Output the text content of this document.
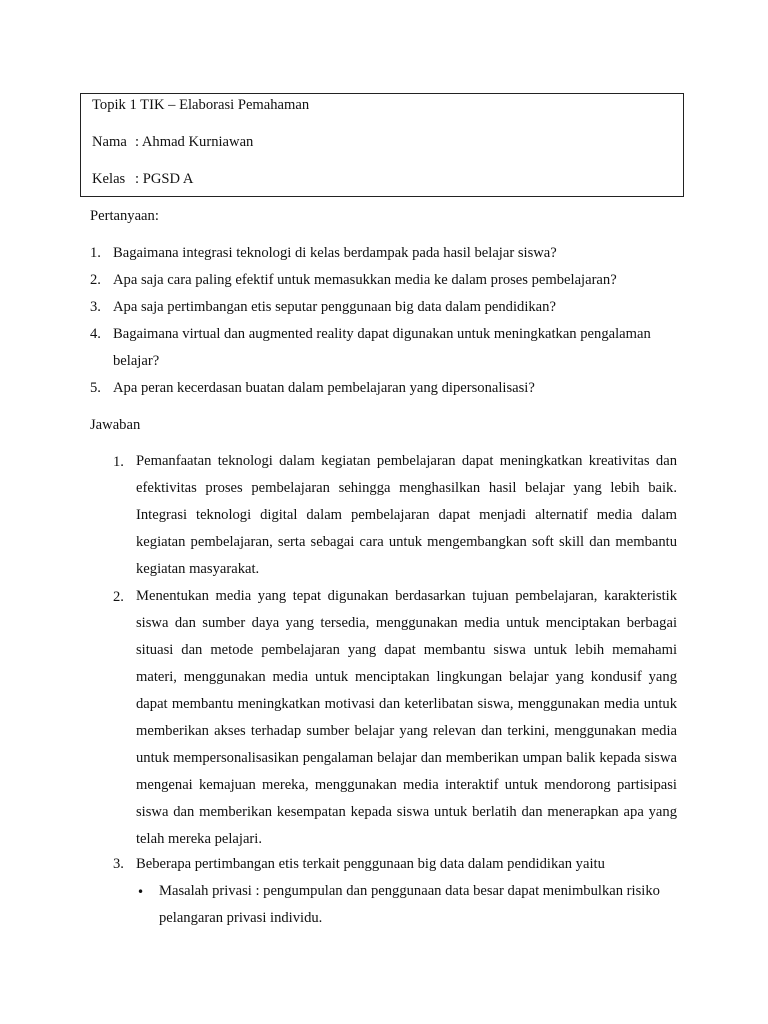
Topik 1 TIK – Elaborasi Pemahaman
Nama : Ahmad Kurniawan
Kelas : PGSD A
Pertanyaan:
1. Bagaimana integrasi teknologi di kelas berdampak pada hasil belajar siswa?
2. Apa saja cara paling efektif untuk memasukkan media ke dalam proses pembelajaran?
3. Apa saja pertimbangan etis seputar penggunaan big data dalam pendidikan?
4. Bagaimana virtual dan augmented reality dapat digunakan untuk meningkatkan pengalaman
belajar?
5. Apa peran kecerdasan buatan dalam pembelajaran yang dipersonalisasi?
Jawaban
1. Pemanfaatan teknologi dalam kegiatan pembelajaran dapat meningkatkan kreativitas dan efektivitas proses pembelajaran sehingga menghasilkan hasil belajar yang lebih baik. Integrasi teknologi digital dalam pembelajaran dapat menjadi alternatif media dalam kegiatan pembelajaran, serta sebagai cara untuk mengembangkan soft skill dan membantu kegiatan masyarakat.
2. Menentukan media yang tepat digunakan berdasarkan tujuan pembelajaran, karakteristik siswa dan sumber daya yang tersedia, menggunakan media untuk menciptakan berbagai situasi dan metode pembelajaran yang dapat membantu siswa untuk lebih memahami materi, menggunakan media untuk menciptakan lingkungan belajar yang kondusif yang dapat membantu meningkatkan motivasi dan keterlibatan siswa, menggunakan media untuk memberikan akses terhadap sumber belajar yang relevan dan terkini, menggunakan media untuk mempersonalisasikan pengalaman belajar dan memberikan umpan balik kepada siswa mengenai kemajuan mereka, menggunakan media interaktif untuk mendorong partisipasi siswa dan memberikan kesempatan kepada siswa untuk berlatih dan menerapkan apa yang telah mereka pelajari.
3. Beberapa pertimbangan etis terkait penggunaan big data dalam pendidikan yaitu
• Masalah privasi : pengumpulan dan penggunaan data besar dapat menimbulkan risiko pelangaran privasi individu.
